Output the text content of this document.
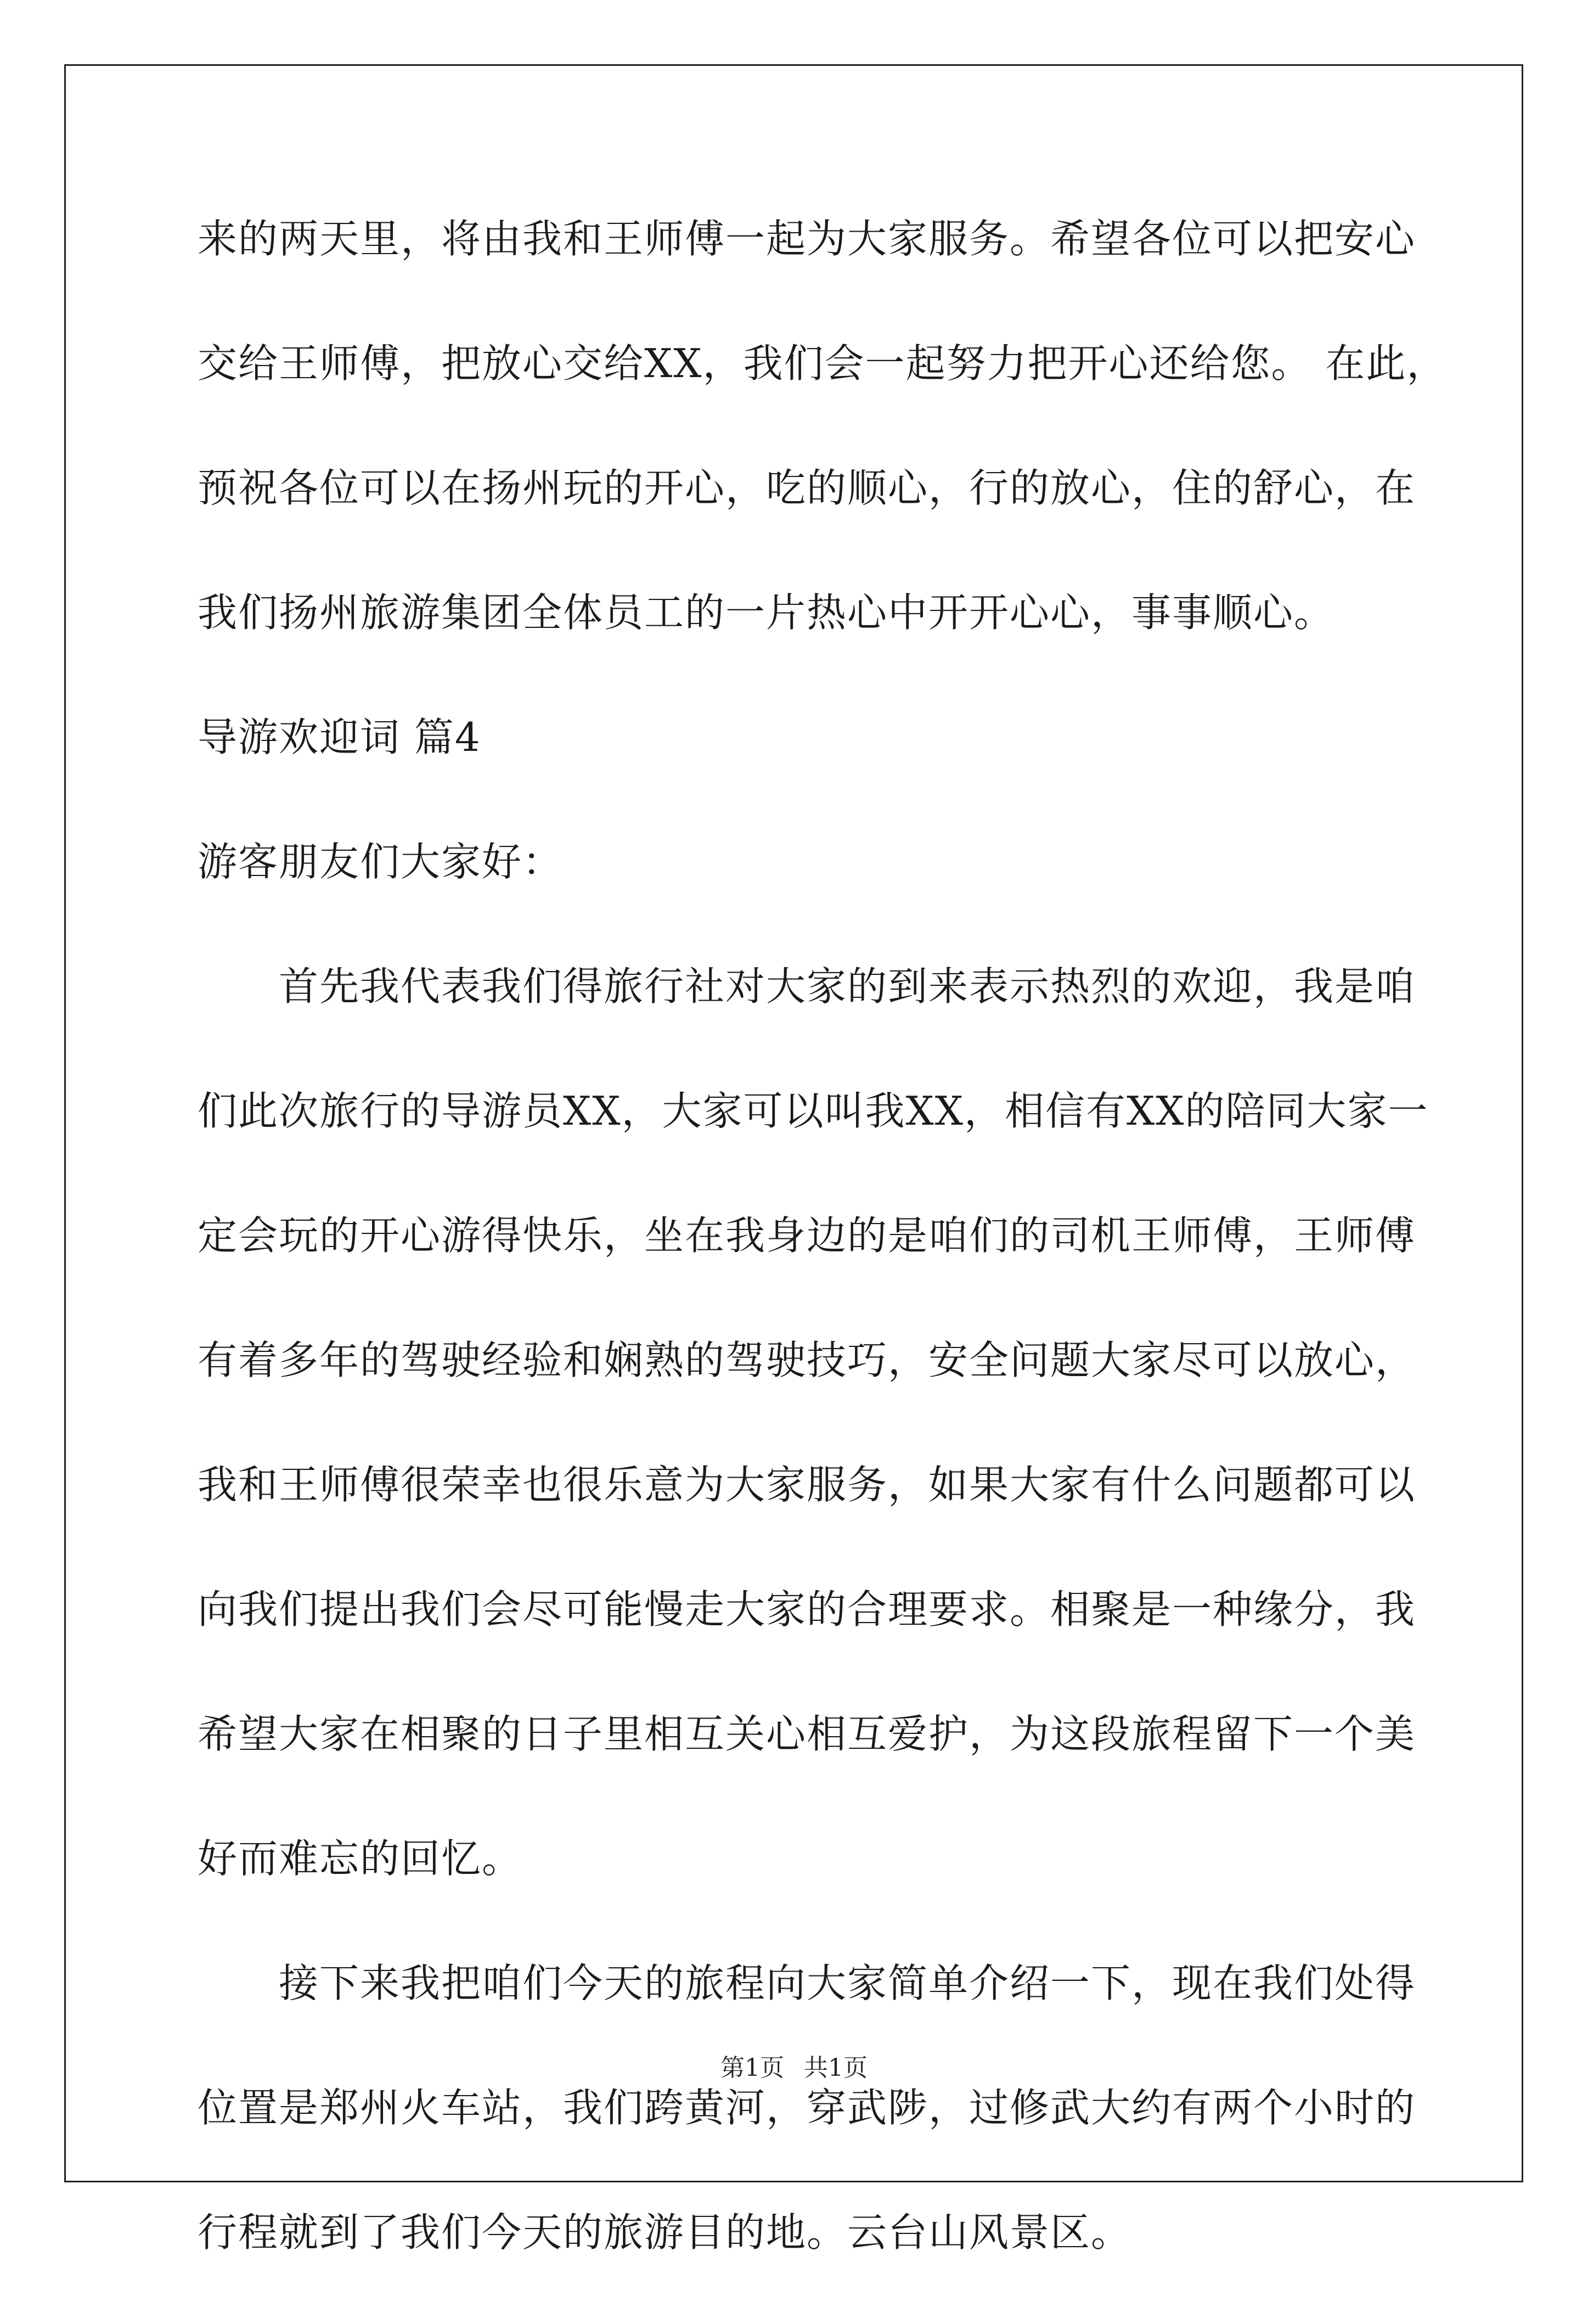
来的两天里，将由我和王师傅一起为大家服务。希望各位可以把安心
交给王师傅，把放心交给XX，我们会一起努力把开心还给您。 在此，
预祝各位可以在扬州玩的开心，吃的顺心，行的放心，住的舒心，在
我们扬州旅游集团全体员工的一片热心中开开心心，事事顺心。
导游欢迎词 篇4
游客朋友们大家好：
首先我代表我们得旅行社对大家的到来表示热烈的欢迎，我是咱
们此次旅行的导游员XX，大家可以叫我XX，相信有XX的陪同大家一
定会玩的开心游得快乐，坐在我身边的是咱们的司机王师傅，王师傅
有着多年的驾驶经验和娴熟的驾驶技巧，安全问题大家尽可以放心，
我和王师傅很荣幸也很乐意为大家服务，如果大家有什么问题都可以
向我们提出我们会尽可能慢走大家的合理要求。相聚是一种缘分，我
希望大家在相聚的日子里相互关心相互爱护，为这段旅程留下一个美
好而难忘的回忆。
接下来我把咱们今天的旅程向大家简单介绍一下，现在我们处得
位置是郑州火车站，我们跨黄河，穿武陟，过修武大约有两个小时的
行程就到了我们今天的旅游目的地。云台山风景区。
第1页 共1页
